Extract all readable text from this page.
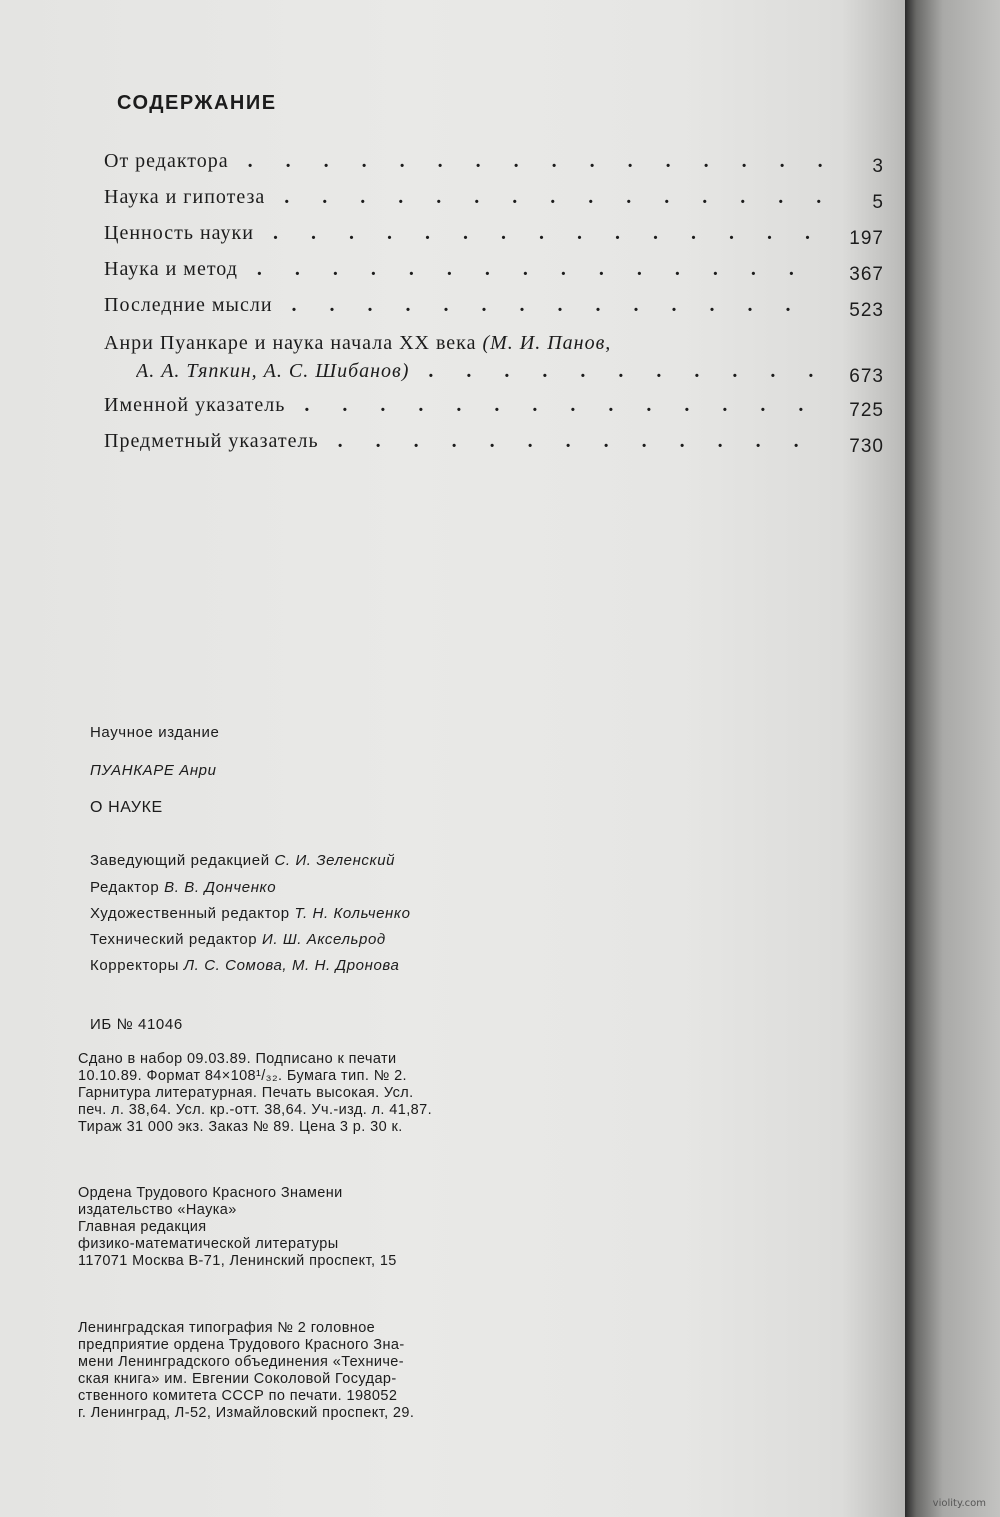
СОДЕРЖАНИЕ
От редактора . . .	3
Наука и гипотеза . . .	5
Ценность науки . . .	197
Наука и метод . . .	367
Последние мысли . . .	523
Анри Пуанкаре и наука начала XX века (М. И. Панов,
А. А. Тяпкин, А. С. Шибанов) . . .	673
Именной указатель . . .	725
Предметный указатель . . .	730
Научное издание
ПУАНКАРЕ Анри
О НАУКЕ
Заведующий редакцией С. И. Зеленский
Редактор В. В. Донченко
Художественный редактор Т. Н. Кольченко
Технический редактор И. Ш. Аксельрод
Корректоры Л. С. Сомова, М. Н. Дронова
ИБ № 41046
Сдано в набор 09.03.89. Подписано к печати
10.10.89. Формат 84×108¹/₃₂. Бумага тип. № 2.
Гарнитура литературная. Печать высокая. Усл.
печ. л. 38,64. Усл. кр.-отт. 38,64. Уч.-изд. л. 41,87.
Тираж 31 000 экз. Заказ № 89. Цена 3 р. 30 к.
Ордена Трудового Красного Знамени
издательство «Наука»
Главная редакция
физико-математической литературы
117071 Москва В-71, Ленинский проспект, 15
Ленинградская типография № 2 головное
предприятие ордена Трудового Красного Зна-
мени Ленинградского объединения «Техниче-
ская книга» им. Евгении Соколовой Государ-
ственного комитета СССР по печати. 198052
г. Ленинград, Л-52, Измайловский проспект, 29.
violity.com
